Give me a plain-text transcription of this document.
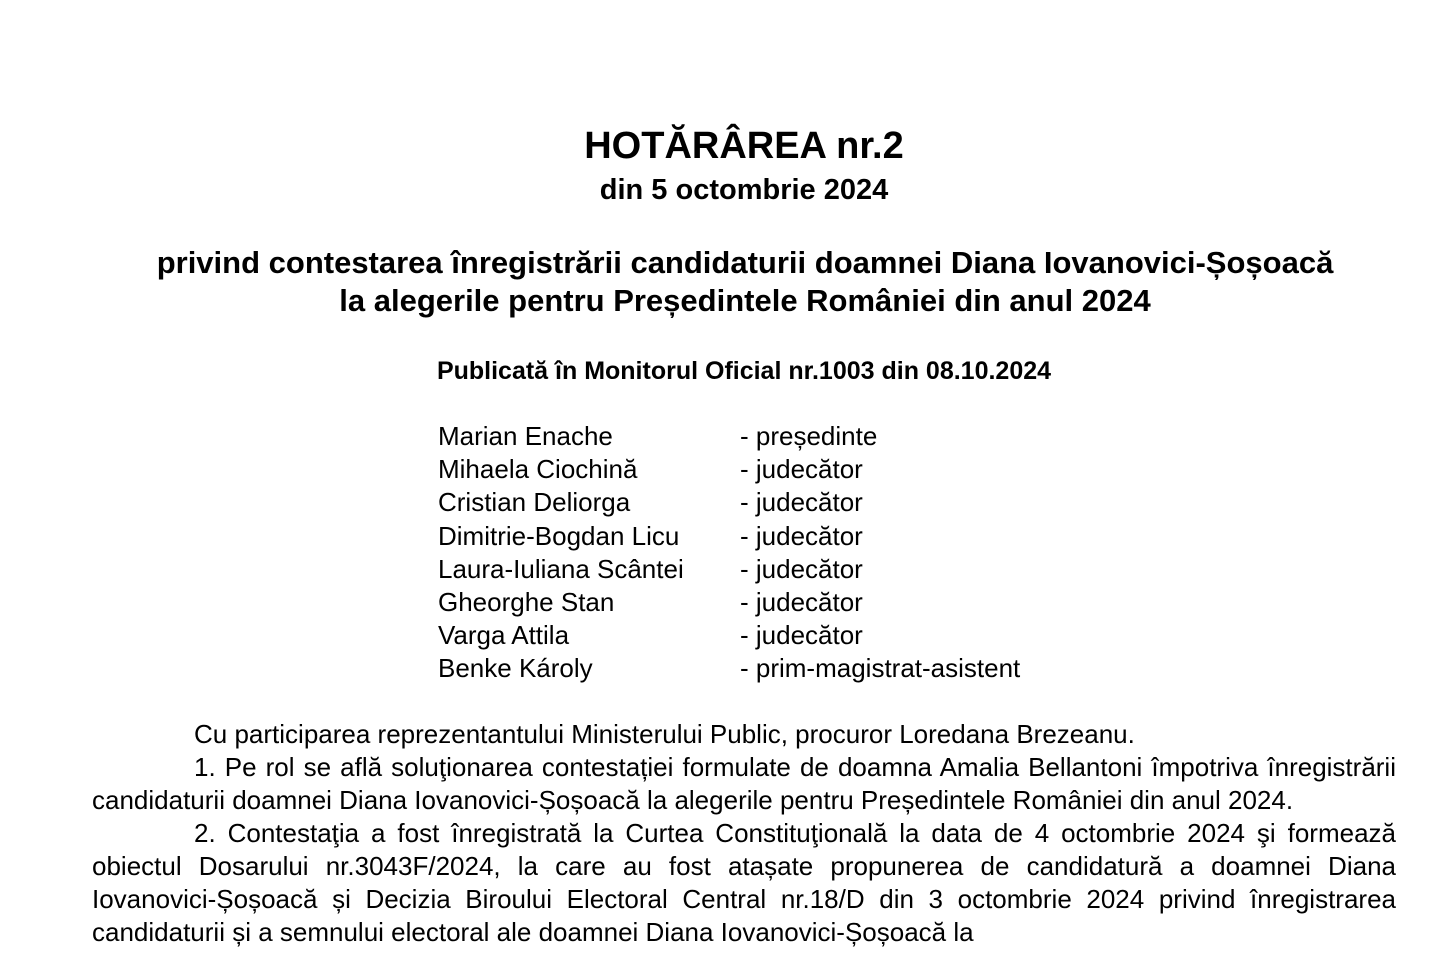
HOTĂRÂREA nr.2
din 5 octombrie 2024
privind contestarea înregistrării candidaturii doamnei Diana Iovanovici-Șoșoacă la alegerile pentru Președintele României din anul 2024
Publicată în Monitorul Oficial nr.1003 din 08.10.2024
Marian Enache	- președinte
Mihaela Ciochină	- judecător
Cristian Deliorga	- judecător
Dimitrie-Bogdan Licu - judecător
Laura-Iuliana Scântei - judecător
Gheorghe Stan	- judecător
Varga Attila	- judecător
Benke Károly	- prim-magistrat-asistent

Cu participarea reprezentantului Ministerului Public, procuror Loredana Brezeanu.

1. Pe rol se află soluţionarea contestației formulate de doamna Amalia Bellantoni împotriva înregistrării candidaturii doamnei Diana Iovanovici-Șoșoacă la alegerile pentru Președintele României din anul 2024.

2. Contestaţia a fost înregistrată la Curtea Constituţională la data de 4 octombrie 2024 şi formează obiectul Dosarului nr.3043F/2024, la care au fost atașate propunerea de candidatură a doamnei Diana Iovanovici-Șoșoacă și Decizia Biroului Electoral Central nr.18/D din 3 octombrie 2024 privind înregistrarea candidaturii și a semnului electoral ale doamnei Diana Iovanovici-Șoșoacă la
